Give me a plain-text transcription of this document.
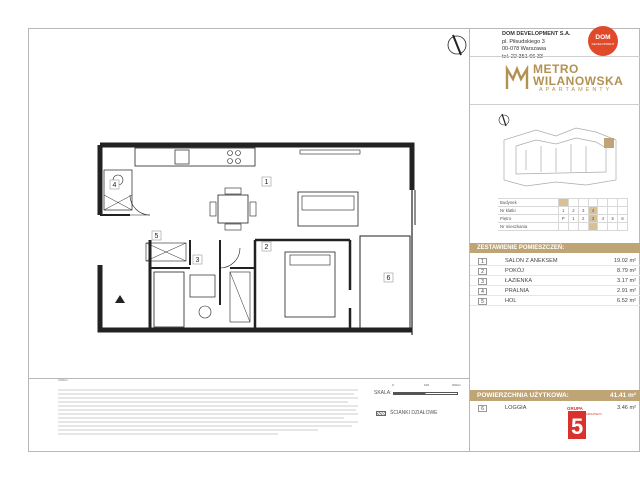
1
2
3
4
5
6
DOM DEVELOPMENT S.A.
pl. Piłsudskiego 3
00-078 Warszawa
DOM
DEVELOPMENT
METRO
WILANOWSKA
APARTAMENTY
Budynek							
Nr klatki	1	2	3	4			
Piętro	P	1	2	3	4	5	6
Nr mieszkania							
ZESTAWIENIE POMIESZCZEŃ:
1	SALON Z ANEKSEM	19.02 m²
2	POKÓJ	8.79 m²
3	ŁAZIENKA	3.17 m²
4	PRALNIA	2.91 m²
5	HOL	6.52 m²
POWIERZCHNIA UŻYTKOWA:	41.41 m²
6	LOGGIA	3.46 m²
5
GRUPA
ARCHITEKCI
UWAGI:
0	100	200cm
SKALA:
ŚCIANKI DZIAŁOWE
